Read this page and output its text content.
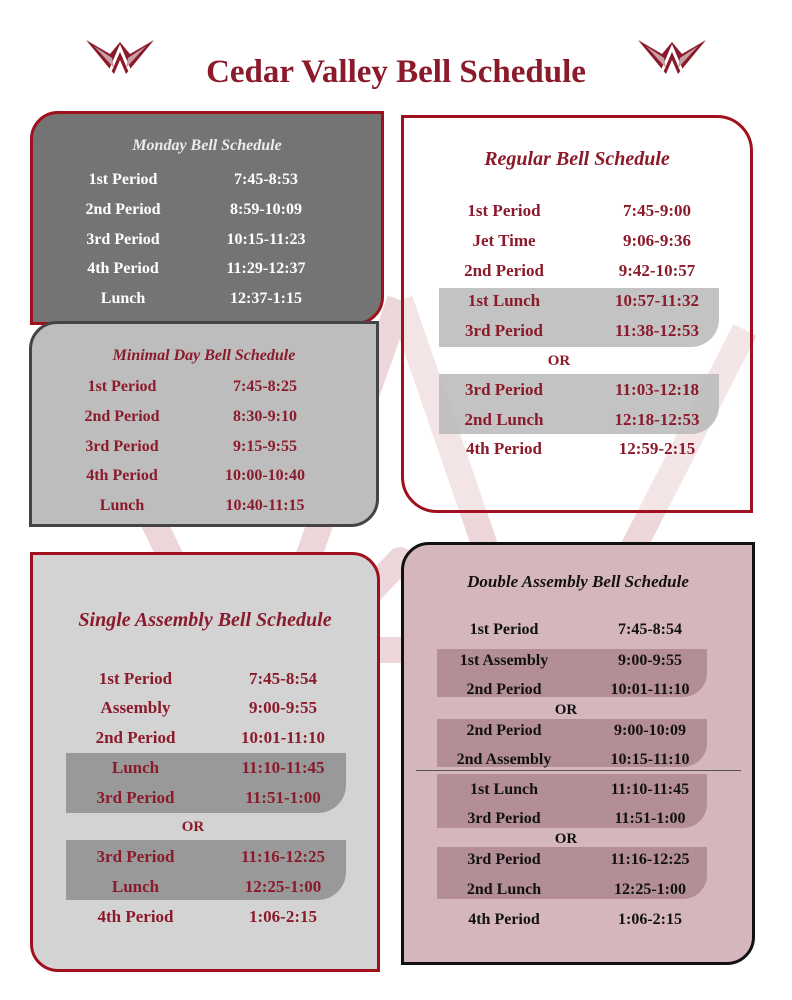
Cedar Valley Bell Schedule
Monday Bell Schedule
1st Period	7:45-8:53
2nd Period	8:59-10:09
3rd Period	10:15-11:23
4th Period	11:29-12:37
Lunch	12:37-1:15
Minimal Day Bell Schedule
1st Period	7:45-8:25
2nd Period	8:30-9:10
3rd Period	9:15-9:55
4th Period	10:00-10:40
Lunch	10:40-11:15
Regular Bell Schedule
1st Period	7:45-9:00
Jet Time	9:06-9:36
2nd Period	9:42-10:57
1st Lunch	10:57-11:32
3rd Period	11:38-12:53
OR
3rd Period	11:03-12:18
2nd Lunch	12:18-12:53
4th Period	12:59-2:15
Single Assembly Bell Schedule
1st Period	7:45-8:54
Assembly	9:00-9:55
2nd Period	10:01-11:10
Lunch	11:10-11:45
3rd Period	11:51-1:00
OR
3rd Period	11:16-12:25
Lunch	12:25-1:00
4th Period	1:06-2:15
Double Assembly Bell Schedule
1st Period	7:45-8:54
1st Assembly	9:00-9:55
2nd Period	10:01-11:10
OR
2nd Period	9:00-10:09
2nd Assembly	10:15-11:10
1st Lunch	11:10-11:45
3rd Period	11:51-1:00
OR
3rd Period	11:16-12:25
2nd Lunch	12:25-1:00
4th Period	1:06-2:15
